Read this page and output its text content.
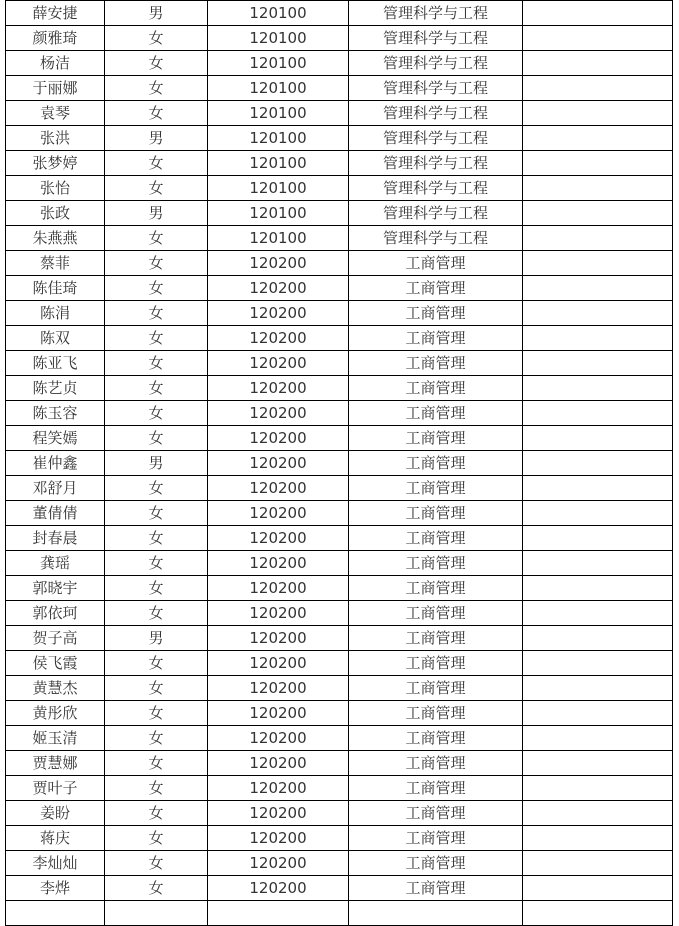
薛安捷	男	120100	管理科学与工程	
颜雅琦	女	120100	管理科学与工程	
杨洁	女	120100	管理科学与工程	
于丽娜	女	120100	管理科学与工程	
袁琴	女	120100	管理科学与工程	
张洪	男	120100	管理科学与工程	
张梦婷	女	120100	管理科学与工程	
张怡	女	120100	管理科学与工程	
张政	男	120100	管理科学与工程	
朱燕燕	女	120100	管理科学与工程	
蔡菲	女	120200	工商管理	
陈佳琦	女	120200	工商管理	
陈涓	女	120200	工商管理	
陈双	女	120200	工商管理	
陈亚飞	女	120200	工商管理	
陈艺贞	女	120200	工商管理	
陈玉容	女	120200	工商管理	
程笑嫣	女	120200	工商管理	
崔仲鑫	男	120200	工商管理	
邓舒月	女	120200	工商管理	
董倩倩	女	120200	工商管理	
封春晨	女	120200	工商管理	
龚瑶	女	120200	工商管理	
郭晓宇	女	120200	工商管理	
郭依珂	女	120200	工商管理	
贺子高	男	120200	工商管理	
侯飞霞	女	120200	工商管理	
黄慧杰	女	120200	工商管理	
黄彤欣	女	120200	工商管理	
姬玉清	女	120200	工商管理	
贾慧娜	女	120200	工商管理	
贾叶子	女	120200	工商管理	
姜盼	女	120200	工商管理	
蒋庆	女	120200	工商管理	
李灿灿	女	120200	工商管理	
李烨	女	120200	工商管理	
